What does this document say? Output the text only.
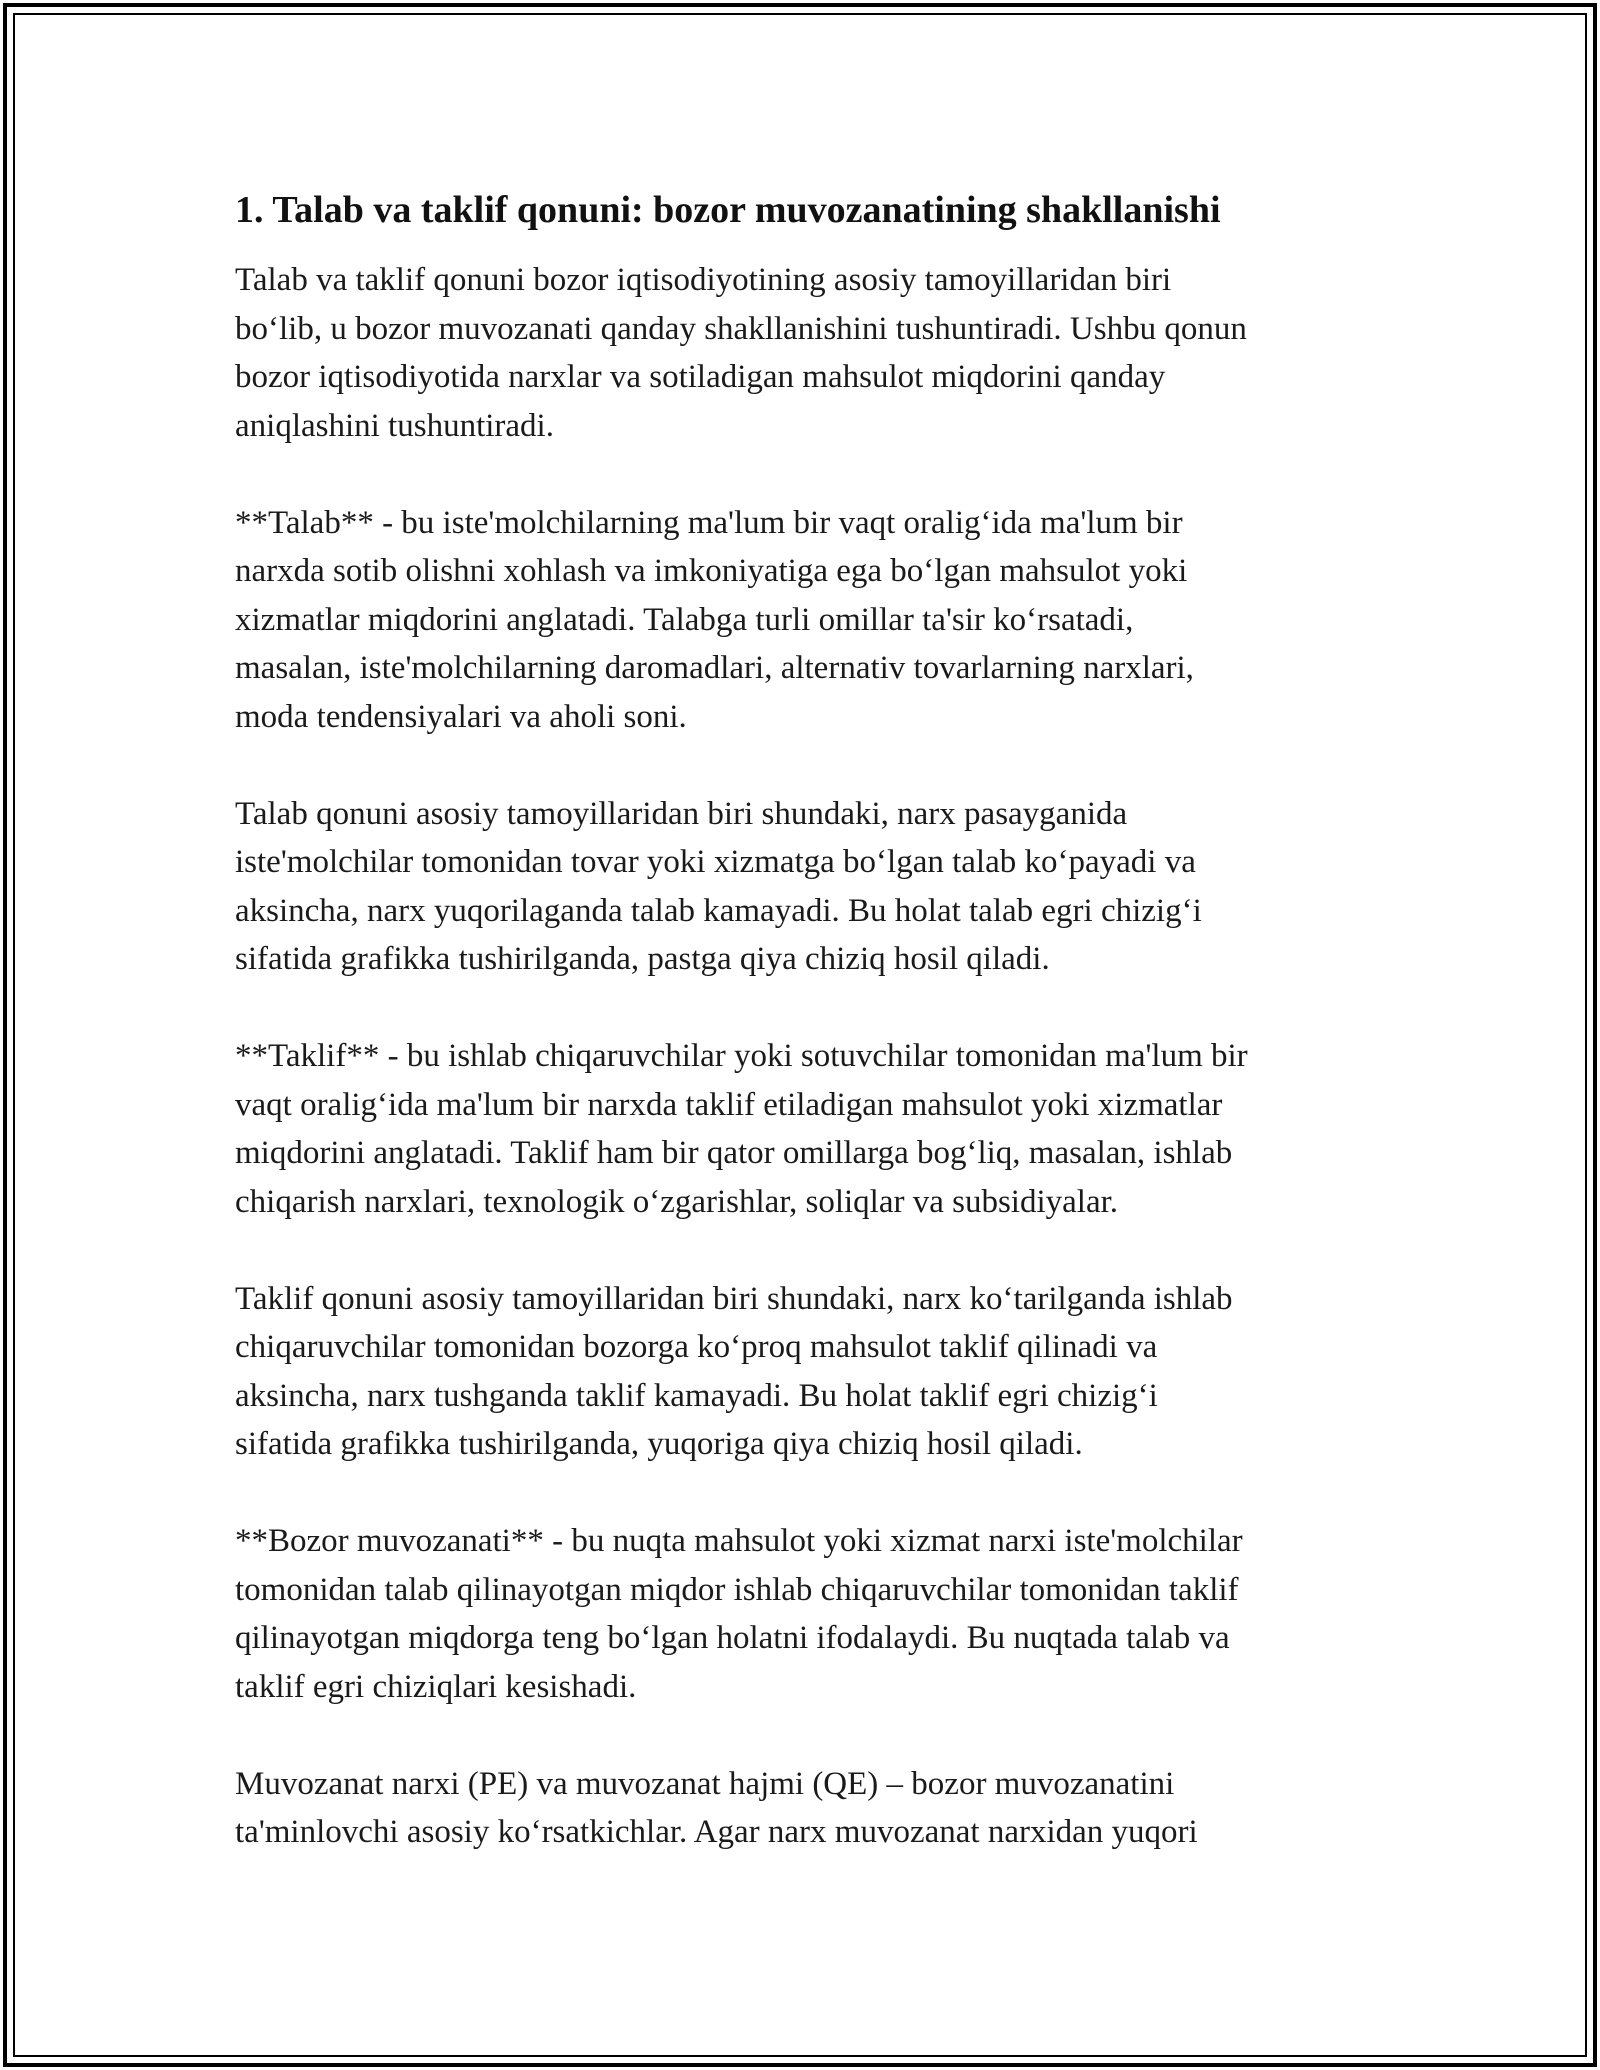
1. Talab va taklif qonuni: bozor muvozanatining shakllanishi

Talab va taklif qonuni bozor iqtisodiyotining asosiy tamoyillaridan biri
bo‘lib, u bozor muvozanati qanday shakllanishini tushuntiradi. Ushbu qonun
bozor iqtisodiyotida narxlar va sotiladigan mahsulot miqdorini qanday
aniqlashini tushuntiradi.

**Talab** - bu iste'molchilarning ma'lum bir vaqt oralig‘ida ma'lum bir
narxda sotib olishni xohlash va imkoniyatiga ega bo‘lgan mahsulot yoki
xizmatlar miqdorini anglatadi. Talabga turli omillar ta'sir ko‘rsatadi,
masalan, iste'molchilarning daromadlari, alternativ tovarlarning narxlari,
moda tendensiyalari va aholi soni.

Talab qonuni asosiy tamoyillaridan biri shundaki, narx pasayganida
iste'molchilar tomonidan tovar yoki xizmatga bo‘lgan talab ko‘payadi va
aksincha, narx yuqorilaganda talab kamayadi. Bu holat talab egri chizig‘i
sifatida grafikka tushirilganda, pastga qiya chiziq hosil qiladi.

**Taklif** - bu ishlab chiqaruvchilar yoki sotuvchilar tomonidan ma'lum bir
vaqt oralig‘ida ma'lum bir narxda taklif etiladigan mahsulot yoki xizmatlar
miqdorini anglatadi. Taklif ham bir qator omillarga bog‘liq, masalan, ishlab
chiqarish narxlari, texnologik o‘zgarishlar, soliqlar va subsidiyalar.

Taklif qonuni asosiy tamoyillaridan biri shundaki, narx ko‘tarilganda ishlab
chiqaruvchilar tomonidan bozorga ko‘proq mahsulot taklif qilinadi va
aksincha, narx tushganda taklif kamayadi. Bu holat taklif egri chizig‘i
sifatida grafikka tushirilganda, yuqoriga qiya chiziq hosil qiladi.

**Bozor muvozanati** - bu nuqta mahsulot yoki xizmat narxi iste'molchilar
tomonidan talab qilinayotgan miqdor ishlab chiqaruvchilar tomonidan taklif
qilinayotgan miqdorga teng bo‘lgan holatni ifodalaydi. Bu nuqtada talab va
taklif egri chiziqlari kesishadi.

Muvozanat narxi (PE) va muvozanat hajmi (QE) – bozor muvozanatini
ta'minlovchi asosiy ko‘rsatkichlar. Agar narx muvozanat narxidan yuqori
